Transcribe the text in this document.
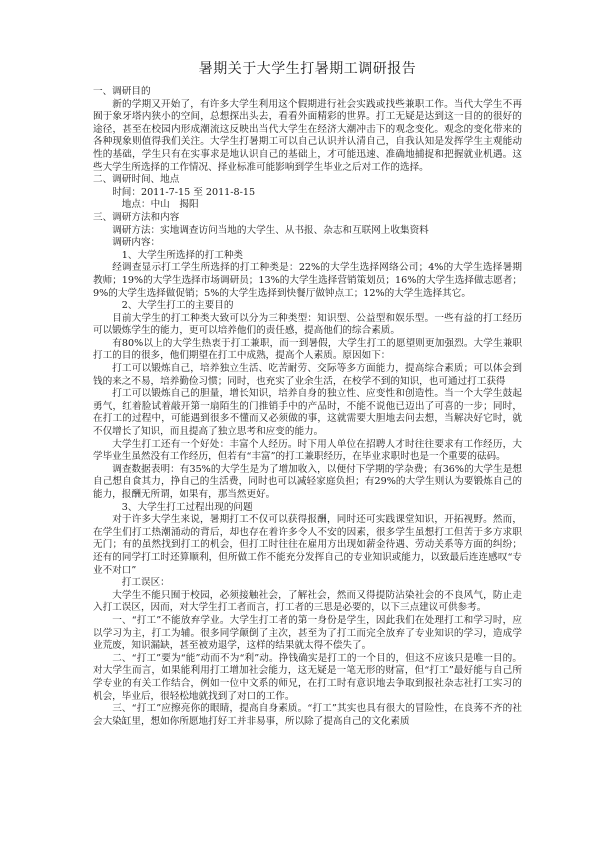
暑期关于大学生打暑期工调研报告
一、调研目的
新的学期又开始了，有许多大学生利用这个假期进行社会实践或找些兼职工作。当代大学生不再囿于象牙塔内狭小的空间，总想探出头去，看看外面精彩的世界。打工无疑是达到这一目的的很好的途径，甚至在校园内形成潮流这反映出当代大学生在经济大潮冲击下的观念变化。观念的变化带来的各种现象则值得我们关注。大学生打暑期工可以自己认识并认清自己，自我认知是发挥学生主观能动性的基础，学生只有在实事求是地认识自己的基础上，才可能迅速、准确地捕捉和把握就业机遇。这些大学生所选择的工作情况、择业标准可能影响到学生毕业之后对工作的选择。
二、调研时间、地点
时间：2011-7-15 至 2011-8-15
地点：中山　揭阳
三、调研方法和内容
调研方法：实地调查访问当地的大学生、从书报、杂志和互联网上收集资料
调研内容：
1、大学生所选择的打工种类
经调查显示打工学生所选择的打工种类是：22%的大学生选择网络公司；4%的大学生选择暑期教师；19%的大学生选择市场调研员；13%的大学生选择营销策划员；16%的大学生选择做志愿者；9%的大学生选择做促销；5%的大学生选择到快餐厅做钟点工；12%的大学生选择其它。
2、大学生打工的主要目的
目前大学生的打工种类大致可以分为三种类型：知识型、公益型和娱乐型。一些有益的打工经历可以锻炼学生的能力，更可以培养他们的责任感，提高他们的综合素质。
有80%以上的大学生热衷于打工兼职，而一到暑假，大学生打工的愿望则更加强烈。大学生兼职打工的目的很多，他们期望在打工中成熟，提高个人素质。原因如下：
打工可以锻炼自己，培养独立生活、吃苦耐劳、交际等多方面能力，提高综合素质；可以体会到钱的来之不易，培养勤俭习惯；同时，也充实了业余生活，在校学不到的知识，也可通过打工获得
打工可以锻炼自己的胆量，增长知识，培养自身的独立性、应变性和创造性。当一个大学生鼓起勇气，红着脸试着敲开第一扇陌生的门推销手中的产品时，不能不说他已迈出了可喜的一步；同时，在打工的过程中，可能遇到很多不懂而又必须做的事，这就需要大胆地去问去想，当解决好它时，就不仅增长了知识，而且提高了独立思考和应变的能力。
大学生打工还有一个好处：丰富个人经历。时下用人单位在招聘人才时往往要求有工作经历，大学毕业生虽然没有工作经历，但若有“丰富”的打工兼职经历，在毕业求职时也是一个重要的砝码。
调查数据表明：有35%的大学生是为了增加收入，以便付下学期的学杂费；有36%的大学生是想自己想自食其力，挣自己的生活费，同时也可以减轻家庭负担；有29%的大学生则认为要锻炼自己的能力，报酬无所谓，如果有，那当然更好。
3、大学生打工过程出现的问题
对于许多大学生来说，暑期打工不仅可以获得报酬，同时还可实践课堂知识，开拓视野。然而，在学生们打工热潮涌动的背后，却也存在着许多令人不安的因素，很多学生虽想打工但苦于多方求职无门；有的虽然找到打工的机会，但打工时往往在雇用方出现如薪金待遇、劳动关系等方面的纠纷；还有的同学打工时还算顺利，但所做工作不能充分发挥自己的专业知识或能力，以致最后连连感叹“专业不对口”
打工误区：
大学生不能只囿于校园，必须接触社会，了解社会，然而又得提防沾染社会的不良风气，防止走入打工误区，因而，对大学生打工者而言，打工者的三思是必要的，以下三点建议可供参考。
一、“打工”不能放弃学业。大学生打工者的第一身份是学生，因此我们在处理打工和学习时，应以学习为主，打工为辅。很多同学颠倒了主次，甚至为了打工而完全放弃了专业知识的学习，造成学业荒废，知识漏缺，甚至被劝退学，这样的结果就太得不偿失了。
二、“打工”要为“能”动而不为“利”动。挣钱确实是打工的一个目的，但这不应该只是唯一目的。对大学生而言，如果能利用打工增加社会能力，这无疑是一笔无形的财富，但“打工”最好能与自己所学专业的有关工作结合，例如一位中文系的师兄，在打工时有意识地去争取到报社杂志社打工实习的机会，毕业后，很轻松地就找到了对口的工作。
三、“打工”应擦亮你的眼睛，提高自身素质。“打工”其实也具有很大的冒险性，在良莠不齐的社会大染缸里，想如你所愿地打好工并非易事，所以除了提高自己的文化素质
